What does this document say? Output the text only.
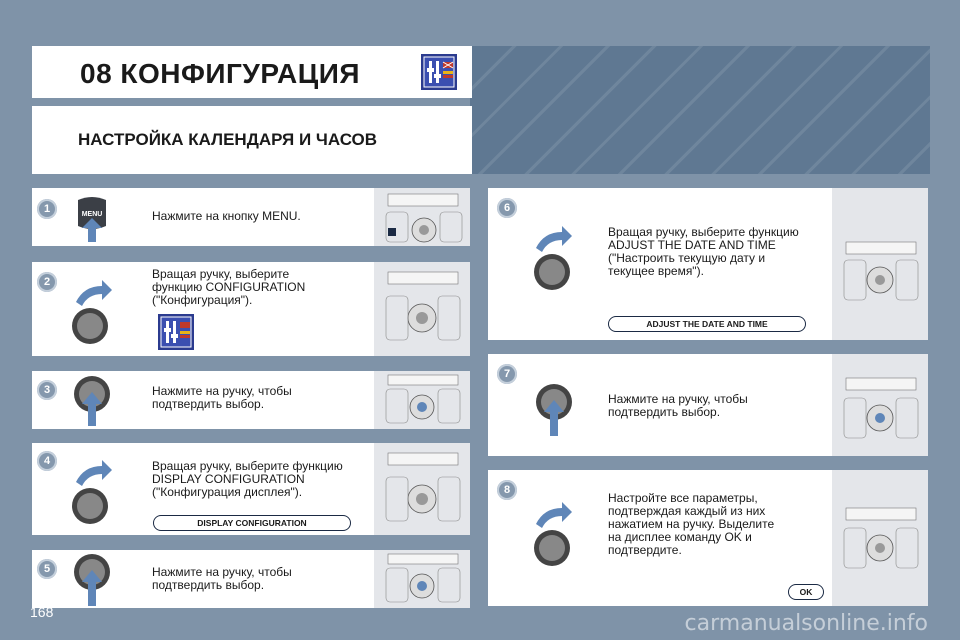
08 КОНФИГУРАЦИЯ
НАСТРОЙКА КАЛЕНДАРЯ И ЧАСОВ
1	MENU	Нажмите на кнопку MENU.
2
Вращая ручку, выберите
функцию CONFIGURATION
("Конфигурация").
3	Нажмите на ручку, чтобы
подтвердить выбор.
4	Вращая ручку, выберите функцию
DISPLAY CONFIGURATION
("Конфигурация дисплея").
DISPLAY CONFIGURATION
5	Нажмите на ручку, чтобы
подтвердить выбор.
6
Вращая ручку, выберите функцию
ADJUST THE DATE AND TIME
("Настроить текущую дату и
текущее время").
ADJUST THE DATE AND TIME
7
Нажмите на ручку, чтобы
подтвердить выбор.
8
Настройте все параметры,
подтверждая каждый из них
нажатием на ручку. Выделите
на дисплее команду OK и
подтвердите.
OK
168	carmanualsonline.info
